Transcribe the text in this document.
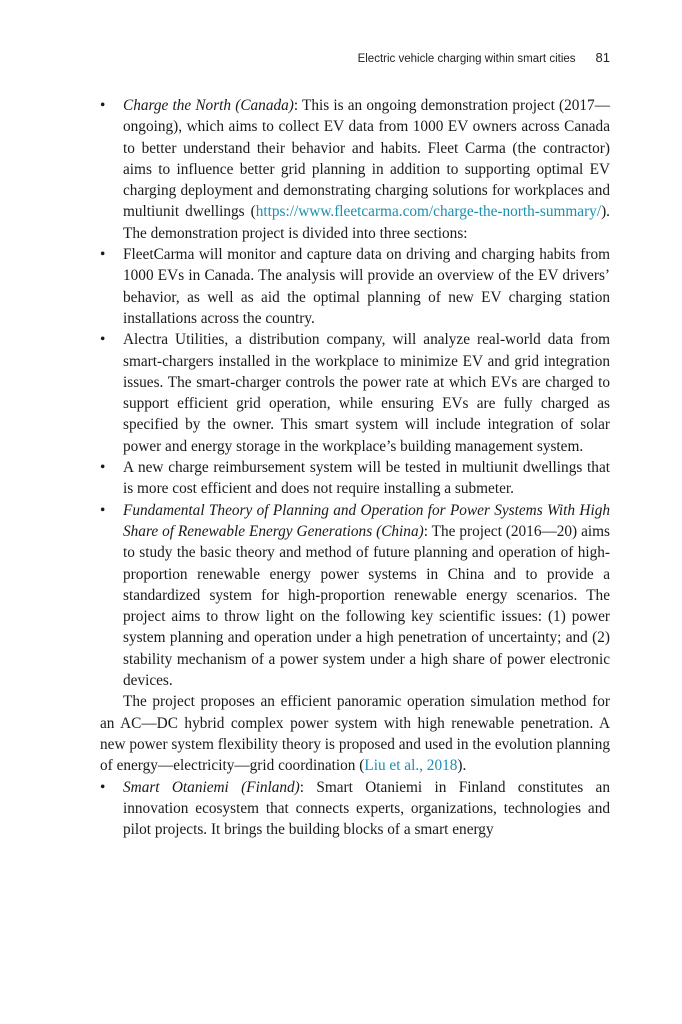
Electric vehicle charging within smart cities 81

• Charge the North (Canada): This is an ongoing demonstration project (2017—ongoing), which aims to collect EV data from 1000 EV owners across Canada to better understand their behavior and habits. Fleet Carma (the contractor) aims to influence better grid planning in addition to supporting optimal EV charging deployment and demonstrating charging solutions for workplaces and multiunit dwellings (https://www.fleetcarma.com/charge-the-north-summary/). The demonstration project is divided into three sections:

• FleetCarma will monitor and capture data on driving and charging habits from 1000 EVs in Canada. The analysis will provide an overview of the EV drivers’ behavior, as well as aid the optimal planning of new EV charging station installations across the country.

• Alectra Utilities, a distribution company, will analyze real-world data from smart-chargers installed in the workplace to minimize EV and grid integration issues. The smart-charger controls the power rate at which EVs are charged to support efficient grid operation, while ensuring EVs are fully charged as specified by the owner. This smart system will include integration of solar power and energy storage in the workplace’s building management system.

• A new charge reimbursement system will be tested in multiunit dwellings that is more cost efficient and does not require installing a submeter.

• Fundamental Theory of Planning and Operation for Power Systems With High Share of Renewable Energy Generations (China): The project (2016—20) aims to study the basic theory and method of future planning and operation of high-proportion renewable energy power systems in China and to provide a standardized system for high-proportion renewable energy scenarios. The project aims to throw light on the following key scientific issues: (1) power system planning and operation under a high penetration of uncertainty; and (2) stability mechanism of a power system under a high share of power electronic devices.

The project proposes an efficient panoramic operation simulation method for an AC—DC hybrid complex power system with high renewable penetration. A new power system flexibility theory is proposed and used in the evolution planning of energy—electricity—grid coordination (Liu et al., 2018).

• Smart Otaniemi (Finland): Smart Otaniemi in Finland constitutes an innovation ecosystem that connects experts, organizations, technologies and pilot projects. It brings the building blocks of a smart energy
